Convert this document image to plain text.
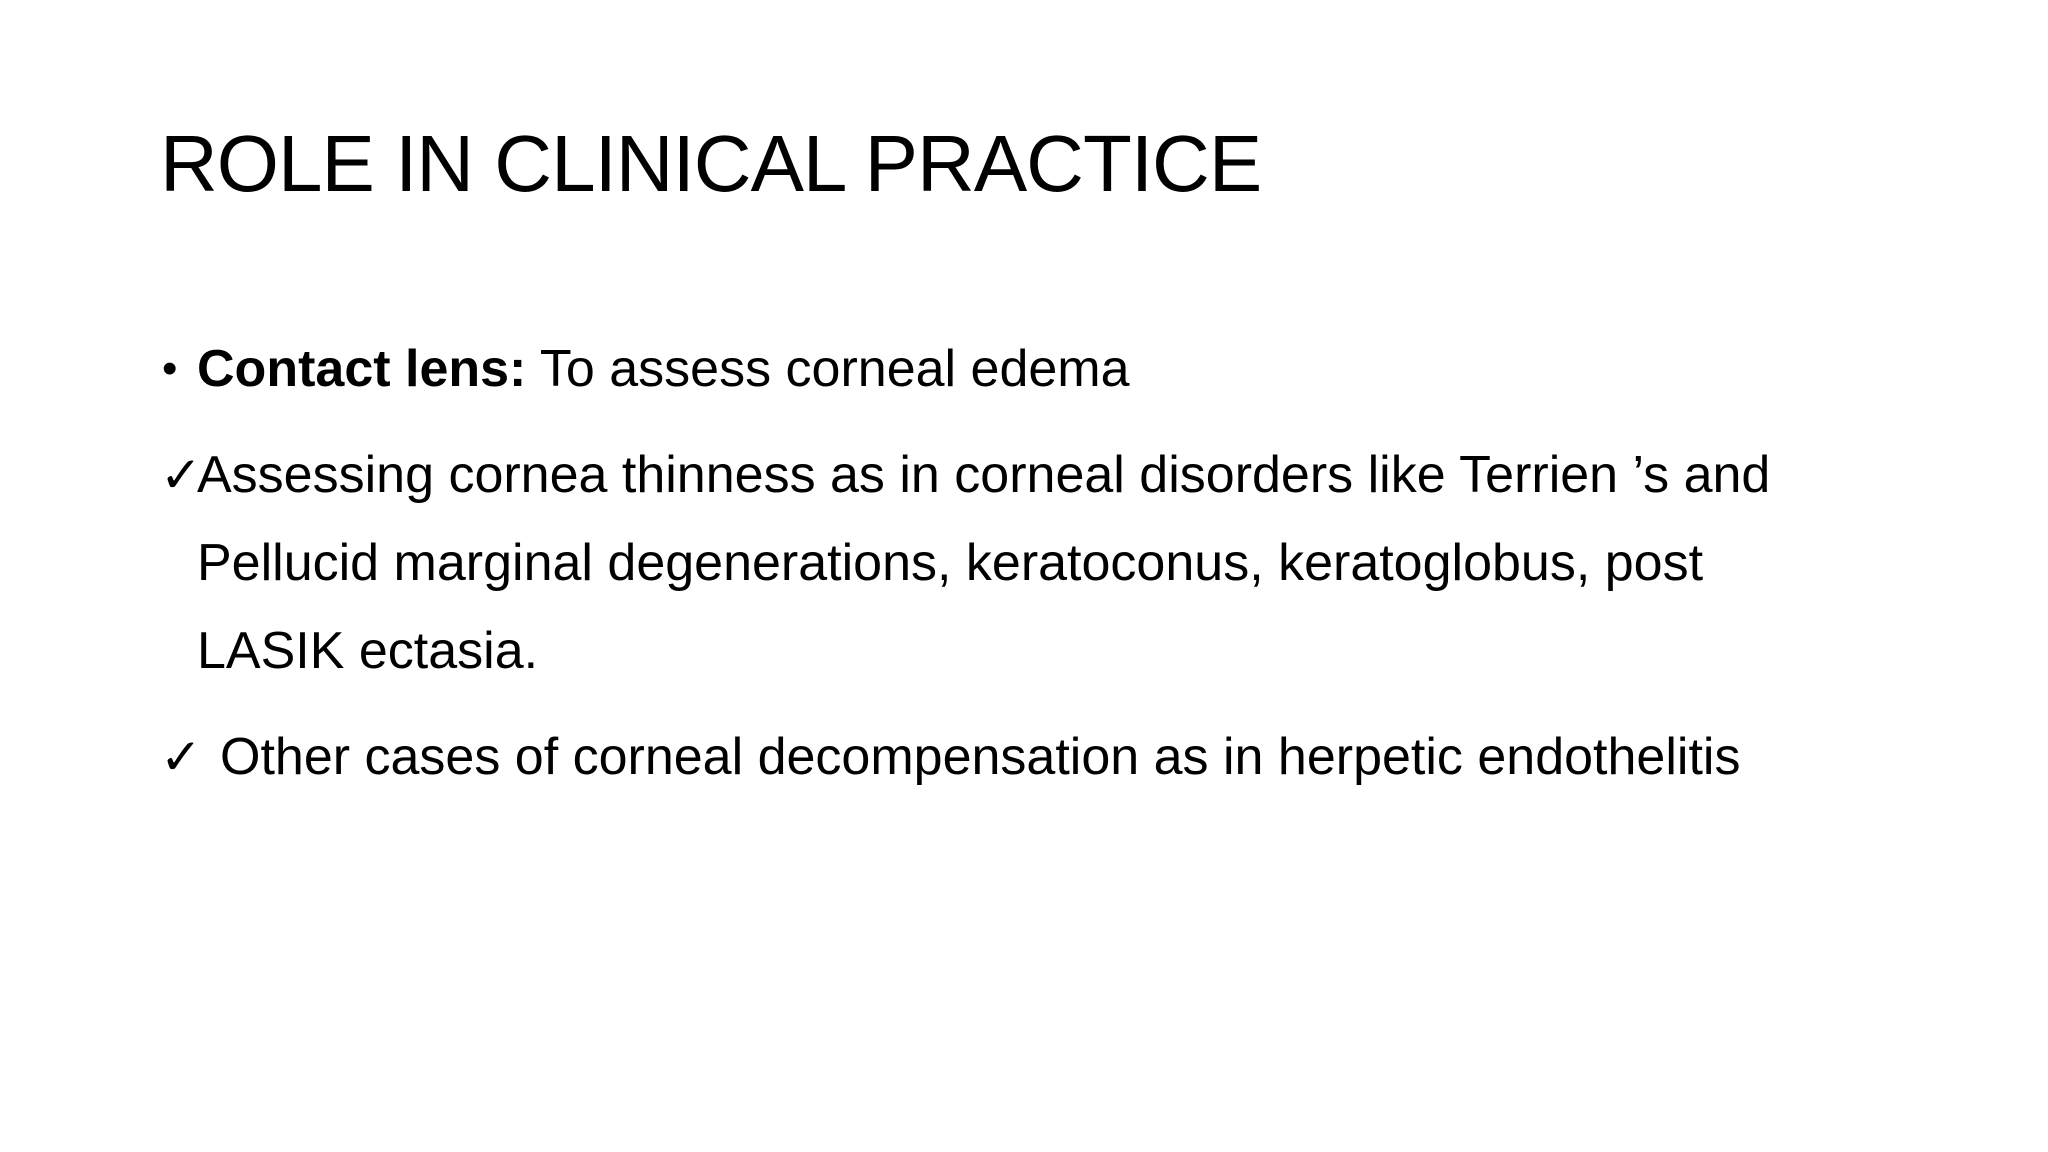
ROLE IN CLINICAL PRACTICE
• Contact lens: To assess corneal edema
✓
Assessing cornea thinness as in corneal disorders like Terrien ’s and
Pellucid marginal degenerations, keratoconus, keratoglobus, post
LASIK ectasia.
✓ Other cases of corneal decompensation as in herpetic endothelitis
